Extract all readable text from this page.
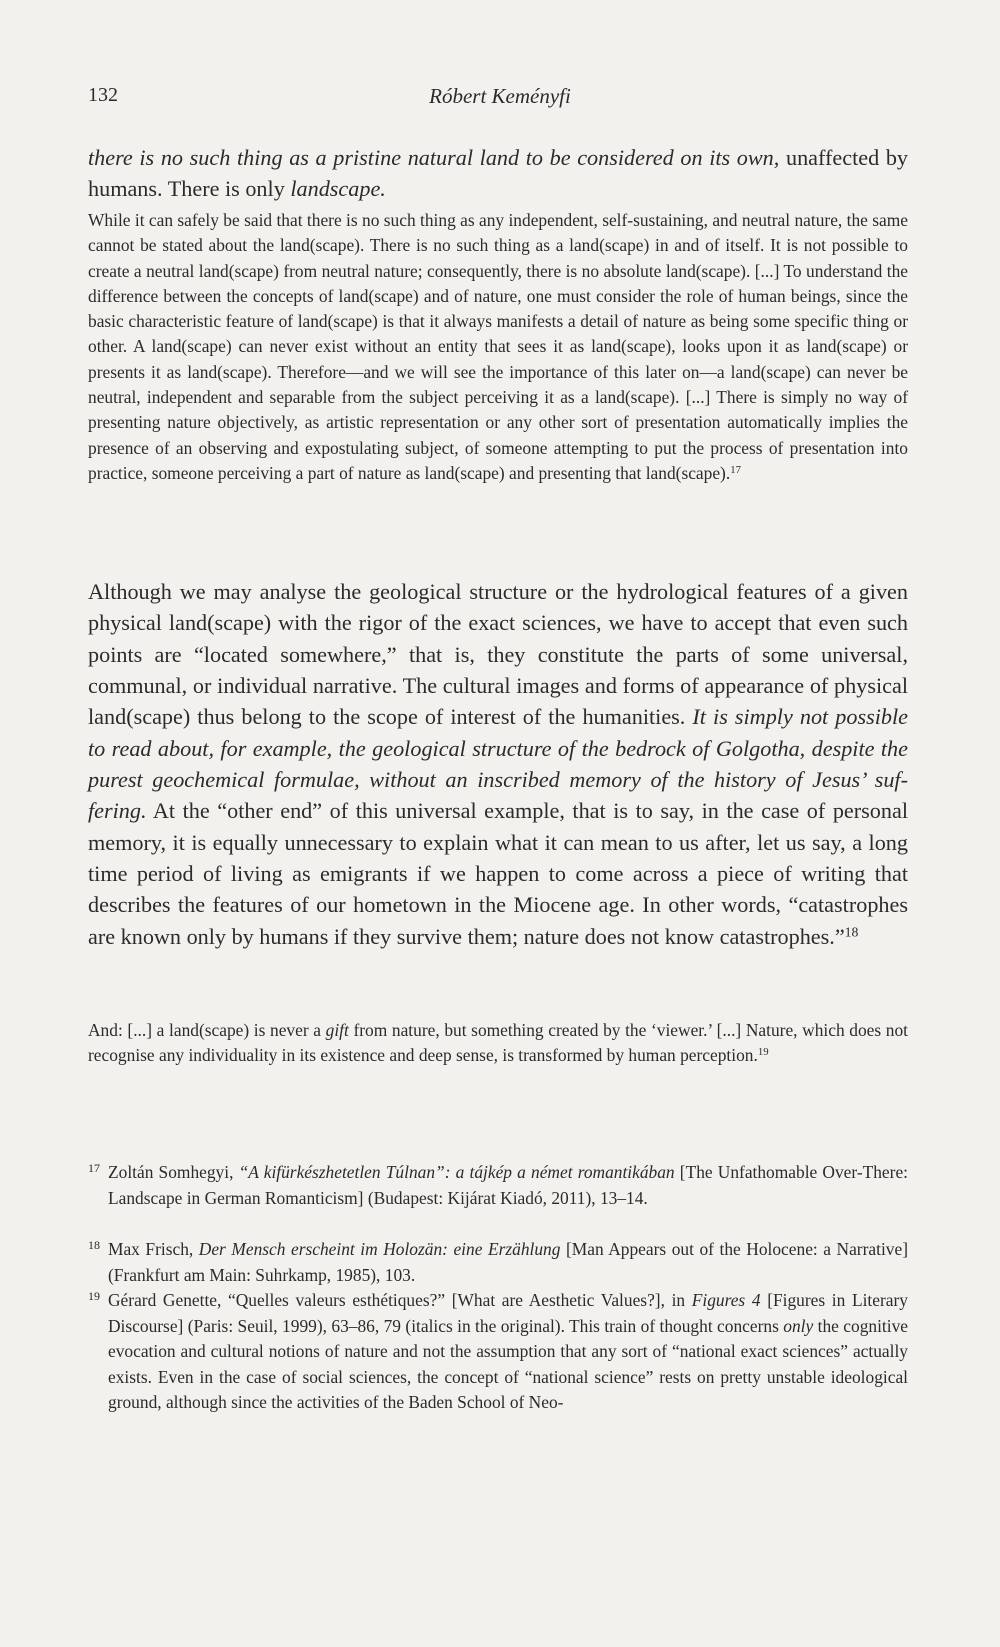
132	Róbert Keményfi

there is no such thing as a pristine natural land to be considered on its own, unaffected by humans. There is only landscape.

While it can safely be said that there is no such thing as any independent, self-sustaining, and neutral nature, the same cannot be stated about the land(scape). There is no such thing as a land(scape) in and of itself. It is not possible to create a neutral land(scape) from neutral nature; consequently, there is no absolute land(scape). [...] To understand the difference between the concepts of land(scape) and of nature, one must consider the role of human beings, since the basic characteristic feature of land(scape) is that it always manifests a detail of nature as being some specific thing or other. A land(scape) can never exist without an entity that sees it as land(scape), looks upon it as land(scape) or presents it as land(scape). Therefore—and we will see the importance of this later on—a land(scape) can never be neutral, independent and separable from the subject perceiving it as a land(scape). [...] There is simply no way of presenting nature objectively, as artistic representation or any other sort of presentation automatically implies the presence of an observing and expostulating subject, of someone attempting to put the process of presentation into practice, someone perceiving a part of nature as land(scape) and presenting that land(scape).$^{17}$

Although we may analyse the geological structure or the hydrological features of a given physical land(scape) with the rigor of the exact sciences, we have to accept that even such points are “located somewhere,” that is, they constitute the parts of some universal, communal, or individual narrative. The cultural images and forms of appearance of physical land(scape) thus belong to the scope of interest of the humanities. It is simply not possible to read about, for example, the geological structure of the bedrock of Golgotha, despite the purest geochemical formulae, without an inscribed memory of the history of Jesus’ suffering. At the “other end” of this universal example, that is to say, in the case of personal memory, it is equally unnecessary to explain what it can mean to us after, let us say, a long time period of living as emigrants if we happen to come across a piece of writing that describes the features of our hometown in the Miocene age. In other words, “catastrophes are known only by humans if they survive them; nature does not know catastrophes.”$^{18}$

And: [...] a land(scape) is never a gift from nature, but something created by the ‘viewer.’ [...] Nature, which does not recognise any individuality in its existence and deep sense, is transformed by human perception.$^{19}$

17 Zoltán Somhegyi, “A kifürkészhetetlen Túlnan”: a tájkép a német romantikában [The Unfathomable Over-There: Landscape in German Romanticism] (Budapest: Kijárat Kiadó, 2011), 13–14.

18 Max Frisch, Der Mensch erscheint im Holozän: eine Erzählung [Man Appears out of the Holocene: a Narrative] (Frankfurt am Main: Suhrkamp, 1985), 103.

19 Gérard Genette, “Quelles valeurs esthétiques?” [What are Aesthetic Values?], in Figures 4 [Figures in Literary Discourse] (Paris: Seuil, 1999), 63–86, 79 (italics in the original). This train of thought concerns only the cognitive evocation and cultural notions of nature and not the assumption that any sort of “national exact sciences” actually exists. Even in the case of social sciences, the concept of “national science” rests on pretty unstable ideological ground, although since the activities of the Baden School of Neo-
